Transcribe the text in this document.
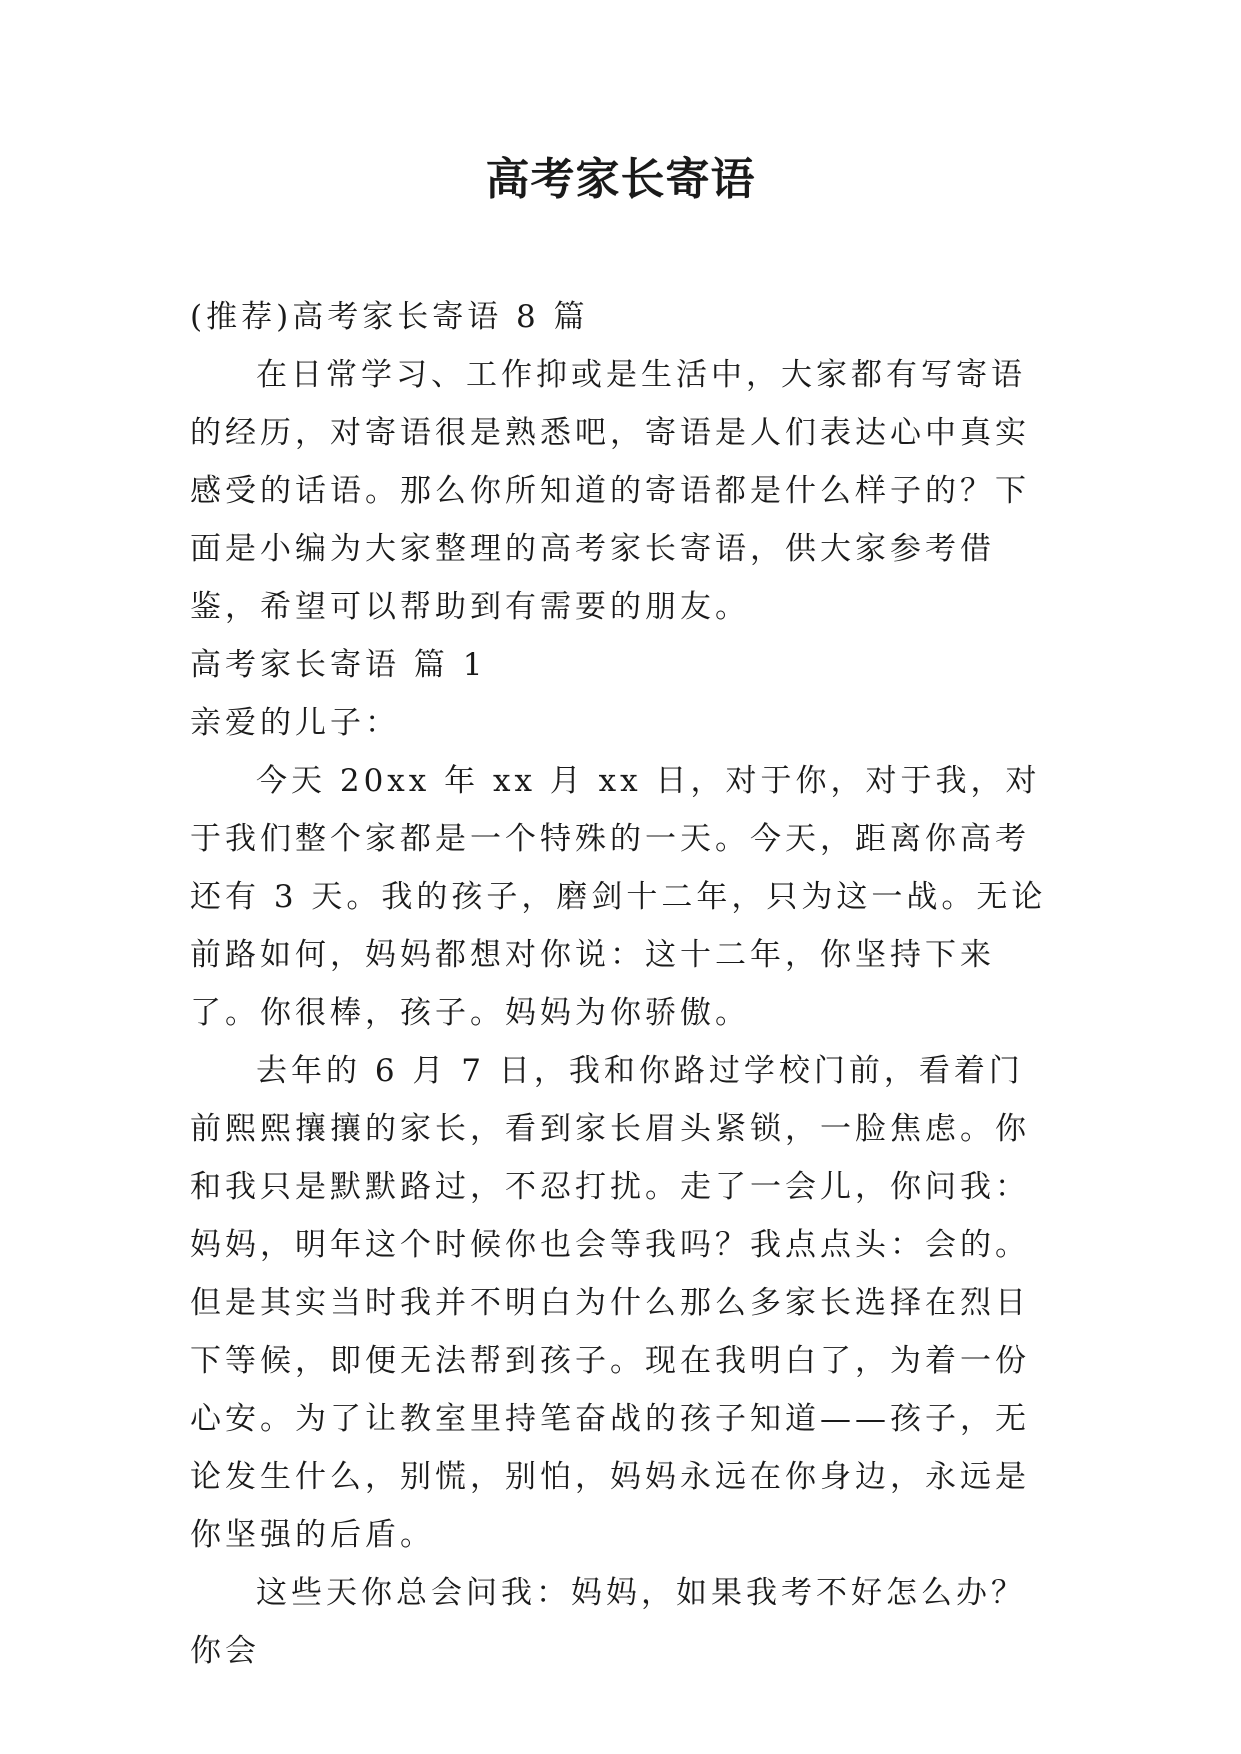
高考家长寄语

(推荐)高考家长寄语 8 篇

在日常学习、工作抑或是生活中，大家都有写寄语的经历，对寄语很是熟悉吧，寄语是人们表达心中真实感受的话语。那么你所知道的寄语都是什么样子的？下面是小编为大家整理的高考家长寄语，供大家参考借鉴，希望可以帮助到有需要的朋友。

高考家长寄语 篇 1

亲爱的儿子：

今天 20xx 年 xx 月 xx 日，对于你，对于我，对于我们整个家都是一个特殊的一天。今天，距离你高考还有 3 天。我的孩子，磨剑十二年，只为这一战。无论前路如何，妈妈都想对你说：这十二年，你坚持下来了。你很棒，孩子。妈妈为你骄傲。

去年的 6 月 7 日，我和你路过学校门前，看着门前熙熙攘攘的家长，看到家长眉头紧锁，一脸焦虑。你和我只是默默路过，不忍打扰。走了一会儿，你问我：妈妈，明年这个时候你也会等我吗？我点点头：会的。但是其实当时我并不明白为什么那么多家长选择在烈日下等候，即便无法帮到孩子。现在我明白了，为着一份心安。为了让教室里持笔奋战的孩子知道——孩子，无论发生什么，别慌，别怕，妈妈永远在你身边，永远是你坚强的后盾。

这些天你总会问我：妈妈，如果我考不好怎么办？你会
